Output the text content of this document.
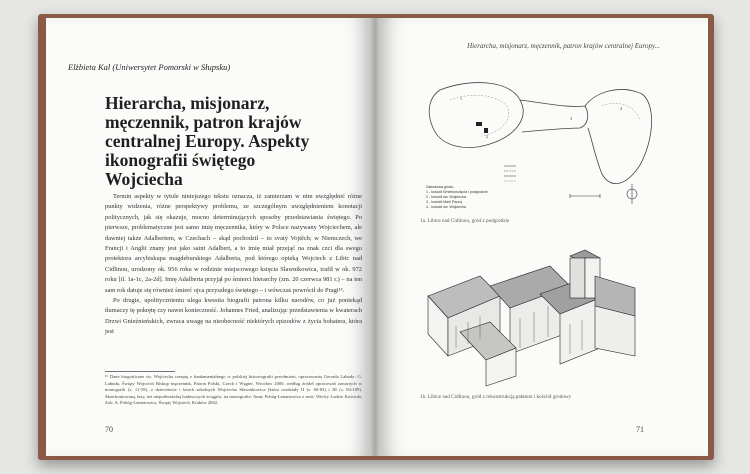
Elżbieta Kal (Uniwersytet Pomorski w Słupsku)
Hierarcha, misjonarz, męczennik, patron krajów centralnej Europy. Aspekty ikonografii świętego Wojciecha

Termin aspekty w tytule niniejszego tekstu oznacza, iż zamierzam w nim uwzględnić różne punkty widzenia, różne perspektywy problemu, ze szczególnym uwzględnieniem konotacji politycznych, jak się okazuje, mocno determinujących sposoby przedstawiania świętego. Po pierwsze, problematyczne jest samo imię męczennika, który w Polsce nazywany Wojciechem, ale dawniej także Adalbertem, w Czechach – skąd pochodził – to svatý Vojtěch; w Niemczech, we Francji i Anglii znany jest jako saint Adalbert, a to imię miał przejąć na znak czci dla swego protektora arcybiskupa magdeburskiego Adalberta, pod którego opieką Wojciech z Libic nad Cidlinou, urodzony ok. 956 roku w rodzinie miejscowego księcia Sławnikowica, trafił w ok. 972 roku [il. 1a-1c, 2a-2d]. Imię Adalberta przyjął po śmierci hierarchy (zm. 20 czerwca 981 r.) – na ten sam rok datuje się również śmierć ojca przyszłego świętego – i wówczas powrócił do Pragi¹⁵.

Po drugie, upolitycznieniu ulega kwestia biografii patrona kilku narodów, co już poniekąd tłumaczy tę pokrętę czy nawet konieczność. Johannes Fried, analizując przedstawienia w kwaterach Drzwi Gnieźnieńskich, zwraca uwagę na nieobecność niektórych epizodów z życia bohatera, która jest

¹⁵ Dane biograficzne św. Wojciecha czerpię z fundamentalnego w polskiej historiografii przedmiotu, opracowania Gerarda Labudy: G. Labuda, Święty Wojciech Biskup męczennik, Patron Polski, Czech i Węgier, Wrocław 2000, według źródeł opracowań zawartych w monografii (s. 11-59), o dziecińtwie i latach szkolnych Wojciecha Sławnikowica (która rozdziały II (s. 60-83) i III (s. 84-109). Skonfrontowaną fazy, też niepodważalną badawczych ściągów, na monografie: Anny Pobóg-Lenartowicz z serii: Wielcy Ludzie Kościoła, Zob. A. Pobóg-Lenartowicz, Święty Wojciech, Kraków 2002.
70
Hierarcha, misjonarz, męczennik, patron krajów centralnej Europy...
1
4
3
2
Zabudowa grodu:
1 - kościół Wniebowzięcia i podgrodzie
2 - kościół św. Wojciecha
3 - kościół Marii Panny
4 - kościół św. Wojciecha
1a. Libice nad Cidlinou, gród z podgrodzie
1b. Libice nad Cidlinou, gród z rekonstrukcją pałatum i kościół grodowy
71
